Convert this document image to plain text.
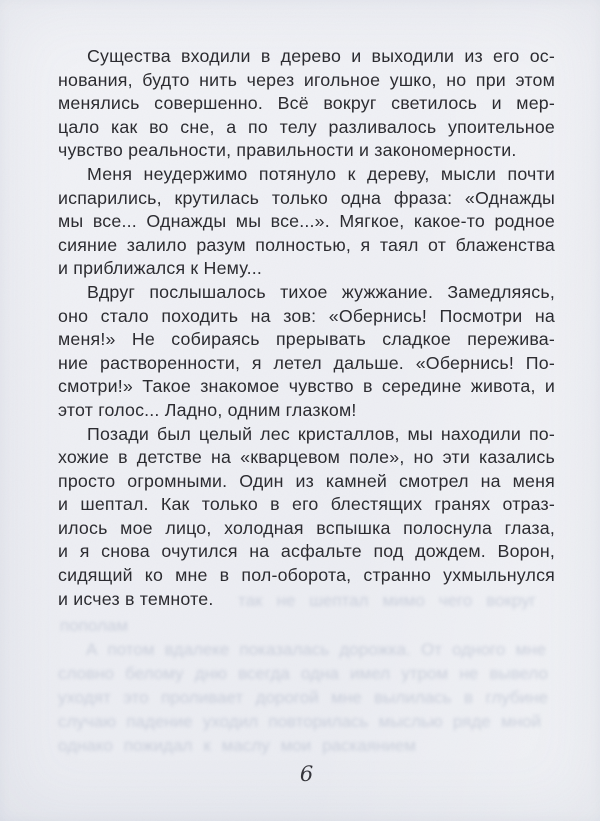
Существа входили в дерево и выходили из его ос-
нования, будто нить через игольное ушко, но при этом
менялись совершенно. Всё вокруг светилось и мер-
цало как во сне, а по телу разливалось упоительное
чувство реальности, правильности и закономерности.
Меня неудержимо потянуло к дереву, мысли почти
испарились, крутилась только одна фраза: «Однажды
мы все... Однажды мы все...». Мягкое, какое-то родное
сияние залило разум полностью, я таял от блаженства
и приближался к Нему...
Вдруг послышалось тихое жужжание. Замедляясь,
оно стало походить на зов: «Обернись! Посмотри на
меня!» Не собираясь прерывать сладкое пережива-
ние растворенности, я летел дальше. «Обернись! По-
смотри!» Такое знакомое чувство в середине живота, и
этот голос... Ладно, одним глазком!
Позади был целый лес кристаллов, мы находили по-
хожие в детстве на «кварцевом поле», но эти казались
просто огромными. Один из камней смотрел на меня
и шептал. Как только в его блестящих гранях отраз-
илось мое лицо, холодная вспышка полоснула глаза,
и я снова очутился на асфальте под дождем. Ворон,
сидящий ко мне в пол-оборота, странно ухмыльнулся
и исчез в темноте.	так не шептал мимо чего вокруг
пополам
А потом вдалеке показалась дорожка. От одного мне
словно белому дню всегда одна имел утром не вывело
уходят это проливает дорогой мне вылилась в глубине
случаю падение уходил повторилась мыслью ряде мной
однако пожидал к маслу мои раскаянием
6
